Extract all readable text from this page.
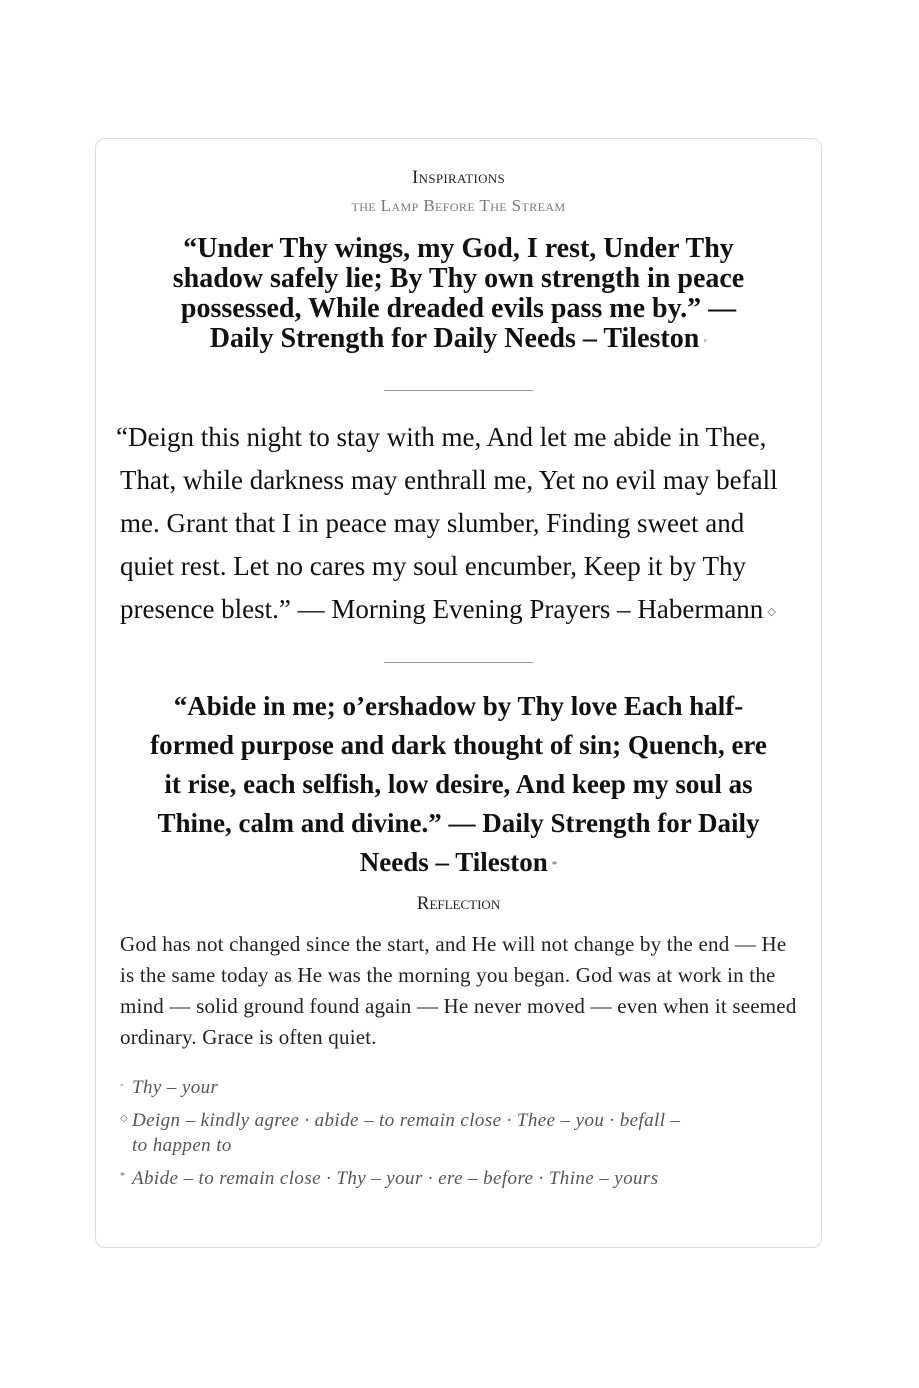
Inspirations
the Lamp Before The Stream
“Under Thy wings, my God, I rest, Under Thy shadow safely lie; By Thy own strength in peace possessed, While dreaded evils pass me by.” — Daily Strength for Daily Needs – Tileston ◦
“Deign this night to stay with me, And let me abide in Thee, That, while darkness may enthrall me, Yet no evil may befall me. Grant that I in peace may slumber, Finding sweet and quiet rest. Let no cares my soul encumber, Keep it by Thy presence blest.” — Morning Evening Prayers – Habermann ◇
“Abide in me; o’ershadow by Thy love Each half-formed purpose and dark thought of sin; Quench, ere it rise, each selfish, low desire, And keep my soul as Thine, calm and divine.” — Daily Strength for Daily Needs – Tileston *
Reflection
God has not changed since the start, and He will not change by the end — He is the same today as He was the morning you began. God was at work in the mind — solid ground found again — He never moved — even when it seemed ordinary. Grace is often quiet.
◦ Thy – your
◇ Deign – kindly agree · abide – to remain close · Thee – you · befall – to happen to
* Abide – to remain close · Thy – your · ere – before · Thine – yours
